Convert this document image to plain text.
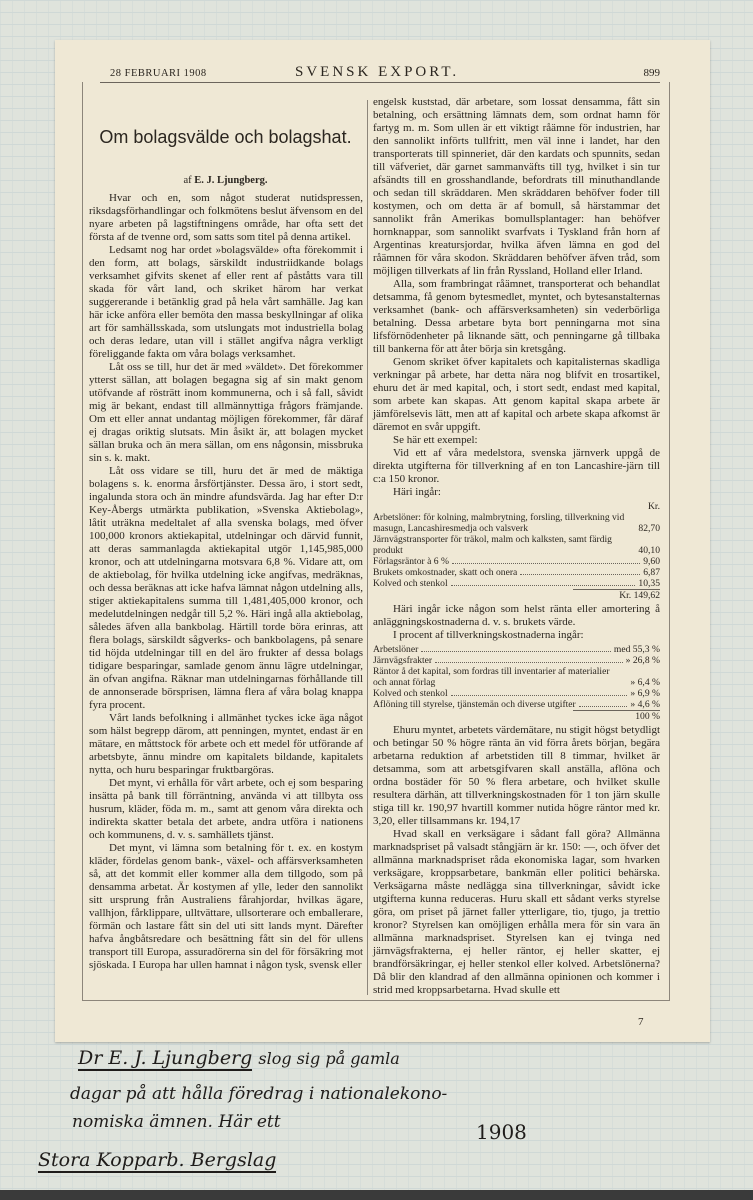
28 FEBRUARI 1908	SVENSK EXPORT.	899
Om bolagsvälde och bolagshat.
af E. J. Ljungberg.

Hvar och en, som något studerat nutidspressen, riksdagsförhandlingar och folkmötens beslut äfvensom en del nyare arbeten på lagstiftningens område, har ofta sett det första af de tvenne ord, som satts som titel på denna artikel.

Ledsamt nog har ordet »bolagsvälde» ofta förekommit i den form, att bolags, särskildt industriidkande bolags verksamhet gifvits skenet af eller rent af påståtts vara till skada för vårt land, och skriket härom har verkat suggererande i betänklig grad på hela vårt samhälle. Jag kan här icke anföra eller bemöta den massa beskyllningar af olika art för samhällsskada, som utslungats mot industriella bolag och deras ledare, utan vill i stället angifva några verkligt föreliggande fakta om våra bolags verksamhet.

Låt oss se till, hur det är med »väldet». Det förekommer ytterst sällan, att bolagen begagna sig af sin makt genom utöfvande af rösträtt inom kommunerna, och i så fall, såvidt mig är bekant, endast till allmännyttiga frågors främjande. Om ett eller annat undantag möjligen förekommer, får däraf ej dragas oriktig slutsats. Min åsikt är, att bolagen mycket sällan bruka och än mera sällan, om ens någonsin, missbruka sin s. k. makt.

Låt oss vidare se till, huru det är med de mäktiga bolagens s. k. enorma årsförtjänster. Dessa äro, i stort sedt, ingalunda stora och än mindre afundsvärda. Jag har efter D:r Key-Åbergs utmärkta publikation, »Svenska Aktiebolag», låtit uträkna medeltalet af alla svenska bolags, med öfver 100,000 kronors aktiekapital, utdelningar och därvid funnit, att deras sammanlagda aktiekapital utgör 1,145,985,000 kronor, och att utdelningarna motsvara 6,8 %. Vidare att, om de aktiebolag, för hvilka utdelning icke angifvas, medräknas, och dessa beräknas att icke hafva lämnat någon utdelning alls, stiger aktiekapitalens summa till 1,481,405,000 kronor, och medelutdelningen nedgår till 5,2 %. Häri ingå alla aktiebolag, således äfven alla bankbolag. Härtill torde böra erinras, att flera bolags, särskildt sågverks- och bankbolagens, på senare tid höjda utdelningar till en del äro frukter af dessa bolags tidigare besparingar, samlade genom ännu lägre utdelningar, än ofvan angifna. Räknar man utdelningarnas förhållande till de annonserade börsprisen, lämna flera af våra bolag knappa fyra procent.

Vårt lands befolkning i allmänhet tyckes icke äga något som hälst begrepp därom, att penningen, myntet, endast är en mätare, en måttstock för arbete och ett medel för utförande af arbetsbyte, ännu mindre om kapitalets bildande, kapitalets nytta, och huru besparingar fruktbargöras.

Det mynt, vi erhålla för vårt arbete, och ej som besparing insätta på bank till förräntning, använda vi att tillbyta oss husrum, kläder, föda m. m., samt att genom våra direkta och indirekta skatter betala det arbete, andra utföra i nationens och kommunens, d. v. s. samhällets tjänst.

Det mynt, vi lämna som betalning för t. ex. en kostym kläder, fördelas genom bank-, växel- och affärsverksamheten så, att det kommit eller kommer alla dem tillgodo, som på densamma arbetat. Är kostymen af ylle, leder den sannolikt sitt ursprung från Australiens fårahjordar, hvilkas ägare, vallhjon, fårklippare, ulltvättare, ullsorterare och emballerare, förmän och lastare fått sin del uti sitt lands mynt. Därefter hafva ångbåtsredare och besättning fått sin del för ullens transport till Europa, assuradörerna sin del för försäkring mot sjöskada. I Europa har ullen hamnat i någon tysk, svensk eller

engelsk kuststad, där arbetare, som lossat densamma, fått sin betalning, och ersättning lämnats dem, som ordnat hamn för fartyg m. m. Som ullen är ett viktigt råämne för industrien, har den sannolikt införts tullfritt, men väl inne i landet, har den transporterats till spinneriet, där den kardats och spunnits, sedan till väfveriet, där garnet sammanväfts till tyg, hvilket i sin tur afsändts till en grosshandlande, befordrats till minuthandlande och sedan till skräddaren. Men skräddaren behöfver foder till kostymen, och om detta är af bomull, så härstammar det sannolikt från Amerikas bomullsplantager: han behöfver hornknappar, som sannolikt svarfvats i Tyskland från horn af Argentinas kreatursjordar, hvilka äfven lämna en god del råämnen för våra skodon. Skräddaren behöfver äfven tråd, som möjligen tillverkats af lin från Ryssland, Holland eller Irland.

Alla, som frambringat råämnet, transporterat och behandlat detsamma, få genom bytesmedlet, myntet, och bytesanstalternas verksamhet (bank- och affärsverksamheten) sin vederbörliga betalning. Dessa arbetare byta bort penningarna mot sina lifsförnödenheter på liknande sätt, och penningarne gå tillbaka till bankerna för att åter börja sin kretsgång.

Genom skriket öfver kapitalets och kapitalisternas skadliga verkningar på arbete, har detta nära nog blifvit en trosartikel, ehuru det är med kapital, och, i stort sedt, endast med kapital, som arbete kan skapas. Att genom kapital skapa arbete är jämförelsevis lätt, men att af kapital och arbete skapa afkomst är däremot en svår uppgift.

Se här ett exempel:

Vid ett af våra medelstora, svenska järnverk uppgå de direkta utgifterna för tillverkning af en ton Lancashire-järn till c:a 150 kronor.

Häri ingår:

Kr.
Arbetslöner: för kolning, malmbrytning, forsling, tillverkning vid masugn, Lancashiresmedja och valsverk	82,70
Järnvägstransporter för träkol, malm och kalksten, samt färdig produkt	40,10
Förlagsräntor à 6 %	9,60
Brukets omkostnader, skatt och onera	6,87
Kolved och stenkol	10,35
Kr. 149,62

Häri ingår icke någon som helst ränta eller amortering å anläggningskostnaderna d. v. s. brukets värde.

I procent af tillverkningskostnaderna ingår:

Arbetslöner	med 55,3 %
Järnvägsfrakter	» 26,8 %
Räntor å det kapital, som fordras till inventarier af materialier och annat förlag	» 6,4 %
Kolved och stenkol	» 6,9 %
Aflöning till styrelse, tjänstemän och diverse utgifter	» 4,6 %
100 %

Ehuru myntet, arbetets värdemätare, nu stigit högst betydligt och betingar 50 % högre ränta än vid förra årets början, begära arbetarna reduktion af arbetstiden till 8 timmar, hvilket är detsamma, som att arbetsgifvaren skall anställa, aflöna och ordna bostäder för 50 % flera arbetare, och hvilket skulle resultera därhän, att tillverkningskostnaden för 1 ton järn skulle stiga till kr. 190,97 hvartill kommer nutida högre räntor med kr. 3,20, eller tillsammans kr. 194,17

Hvad skall en verksägare i sådant fall göra? Allmänna marknadspriset på valsadt stångjärn är kr. 150: —, och öfver det allmänna marknadspriset råda ekonomiska lagar, som hvarken verksägare, kroppsarbetare, bankmän eller politici behärska. Verksägarna måste nedlägga sina tillverkningar, såvidt icke utgifterna kunna reduceras. Huru skall ett sådant verks styrelse göra, om priset på järnet faller ytterligare, tio, tjugo, ja trettio kronor? Styrelsen kan omöjligen erhålla mera för sin vara än allmänna marknadspriset. Styrelsen kan ej tvinga ned järnvägsfrakterna, ej heller räntor, ej heller skatter, ej brandförsäkringar, ej heller stenkol eller kolved. Arbetslönerna? Då blir den klandrad af den allmänna opinionen och kommer i strid med kroppsarbetarna. Hvad skulle ett

7
Dr E. J. Ljungberg slog sig på gamla
dagar på att hålla föredrag i nationalekono-
nomiska ämnen. Här ett	1908
Stora Kopparb. Bergslag
